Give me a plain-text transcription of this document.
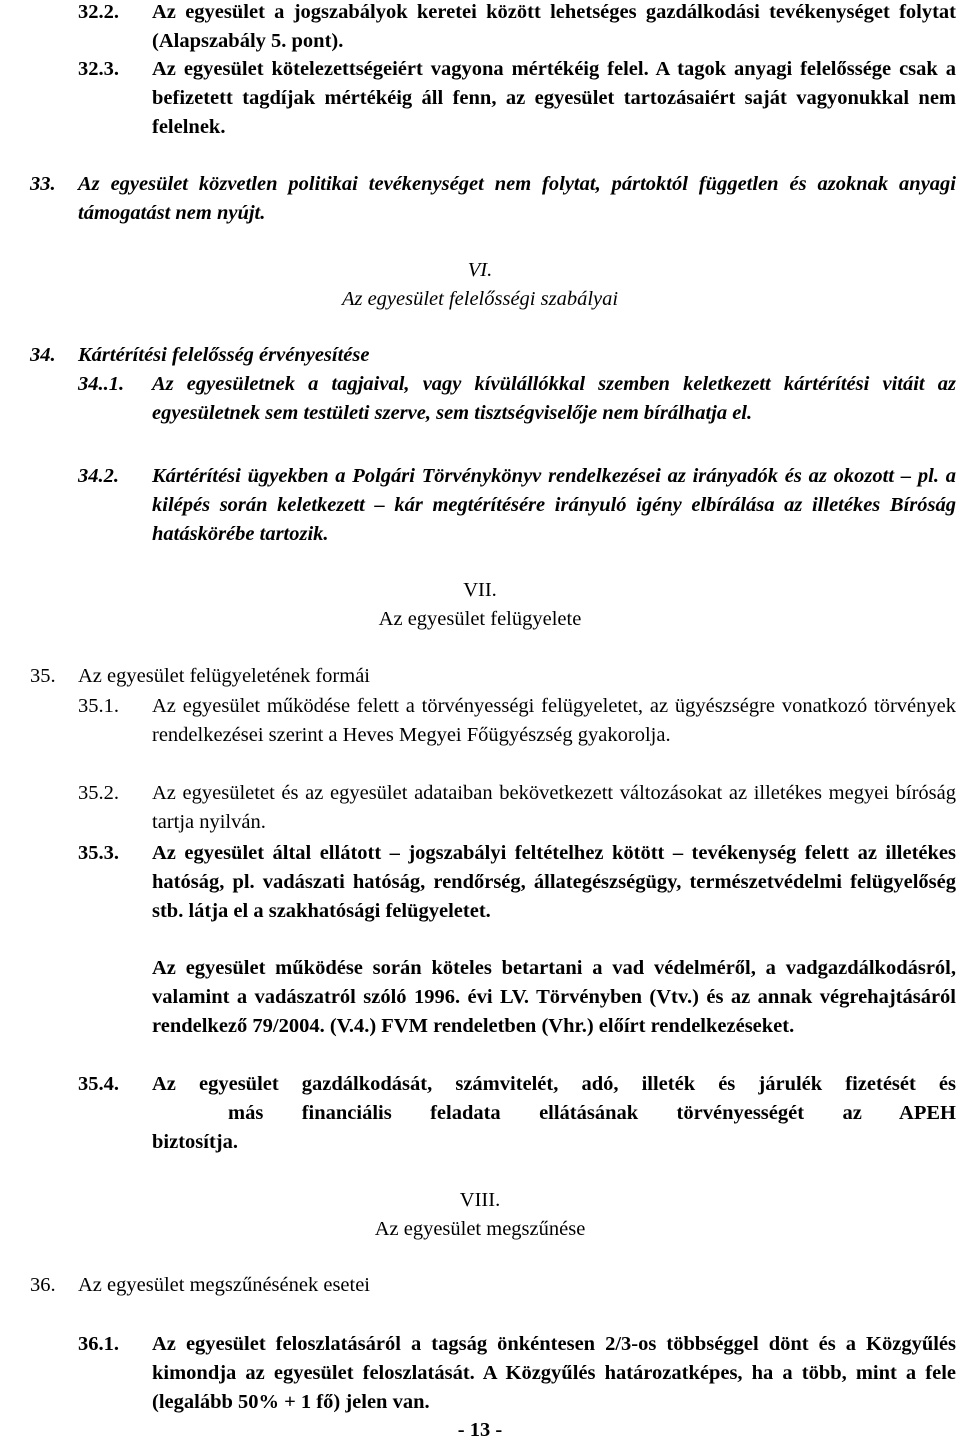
32.2. Az egyesület a jogszabályok keretei között lehetséges gazdálkodási tevékenységet folytat (Alapszabály 5. pont).
32.3. Az egyesület kötelezettségeiért vagyona mértékéig felel. A tagok anyagi felelőssége csak a befizetett tagdíjak mértékéig áll fenn, az egyesület tartozásaiért saját vagyonukkal nem felelnek.
33. Az egyesület közvetlen politikai tevékenységet nem folytat, pártoktól független és azoknak anyagi támogatást nem nyújt.
VI.
Az egyesület felelősségi szabályai
34. Kártérítési felelősség érvényesítése
34..1. Az egyesületnek a tagjaival, vagy kívülállókkal szemben keletkezett kártérítési vitáit az egyesületnek sem testületi szerve, sem tisztségviselője nem bírálhatja el.
34.2. Kártérítési ügyekben a Polgári Törvénykönyv rendelkezései az irányadók és az okozott – pl. a kilépés során keletkezett – kár megtérítésére irányuló igény elbírálása az illetékes Bíróság hatáskörébe tartozik.
VII.
Az egyesület felügyelete
35. Az egyesület felügyeletének formái
35.1. Az egyesület működése felett a törvényességi felügyeletet, az ügyészségre vonatkozó törvények rendelkezései szerint a Heves Megyei Főügyészség gyakorolja.
35.2. Az egyesületet és az egyesület adataiban bekövetkezett változásokat az illetékes megyei bíróság tartja nyilván.
35.3. Az egyesület által ellátott – jogszabályi feltételhez kötött – tevékenység felett az illetékes hatóság, pl. vadászati hatóság, rendőrség, állategészségügy, természetvédelmi felügyelőség stb. látja el a szakhatósági felügyeletet.
Az egyesület működése során köteles betartani a vad védelméről, a vadgazdálkodásról, valamint a vadászatról szóló 1996. évi LV. Törvényben (Vtv.) és az annak végrehajtásáról rendelkező 79/2004. (V.4.) FVM rendeletben (Vhr.) előírt rendelkezéseket.
35.4. Az egyesület gazdálkodását, számvitelét, adó, illeték és járulék fizetését és
más financiális feladata ellátásának törvényességét az APEH
biztosítja.
VIII.
Az egyesület megszűnése
36. Az egyesület megszűnésének esetei
36.1. Az egyesület feloszlatásáról a tagság önkéntesen 2/3-os többséggel dönt és a Közgyűlés kimondja az egyesület feloszlatását. A Közgyűlés határozatképes, ha a több, mint a fele (legalább 50% + 1 fő) jelen van.
- 13 -
